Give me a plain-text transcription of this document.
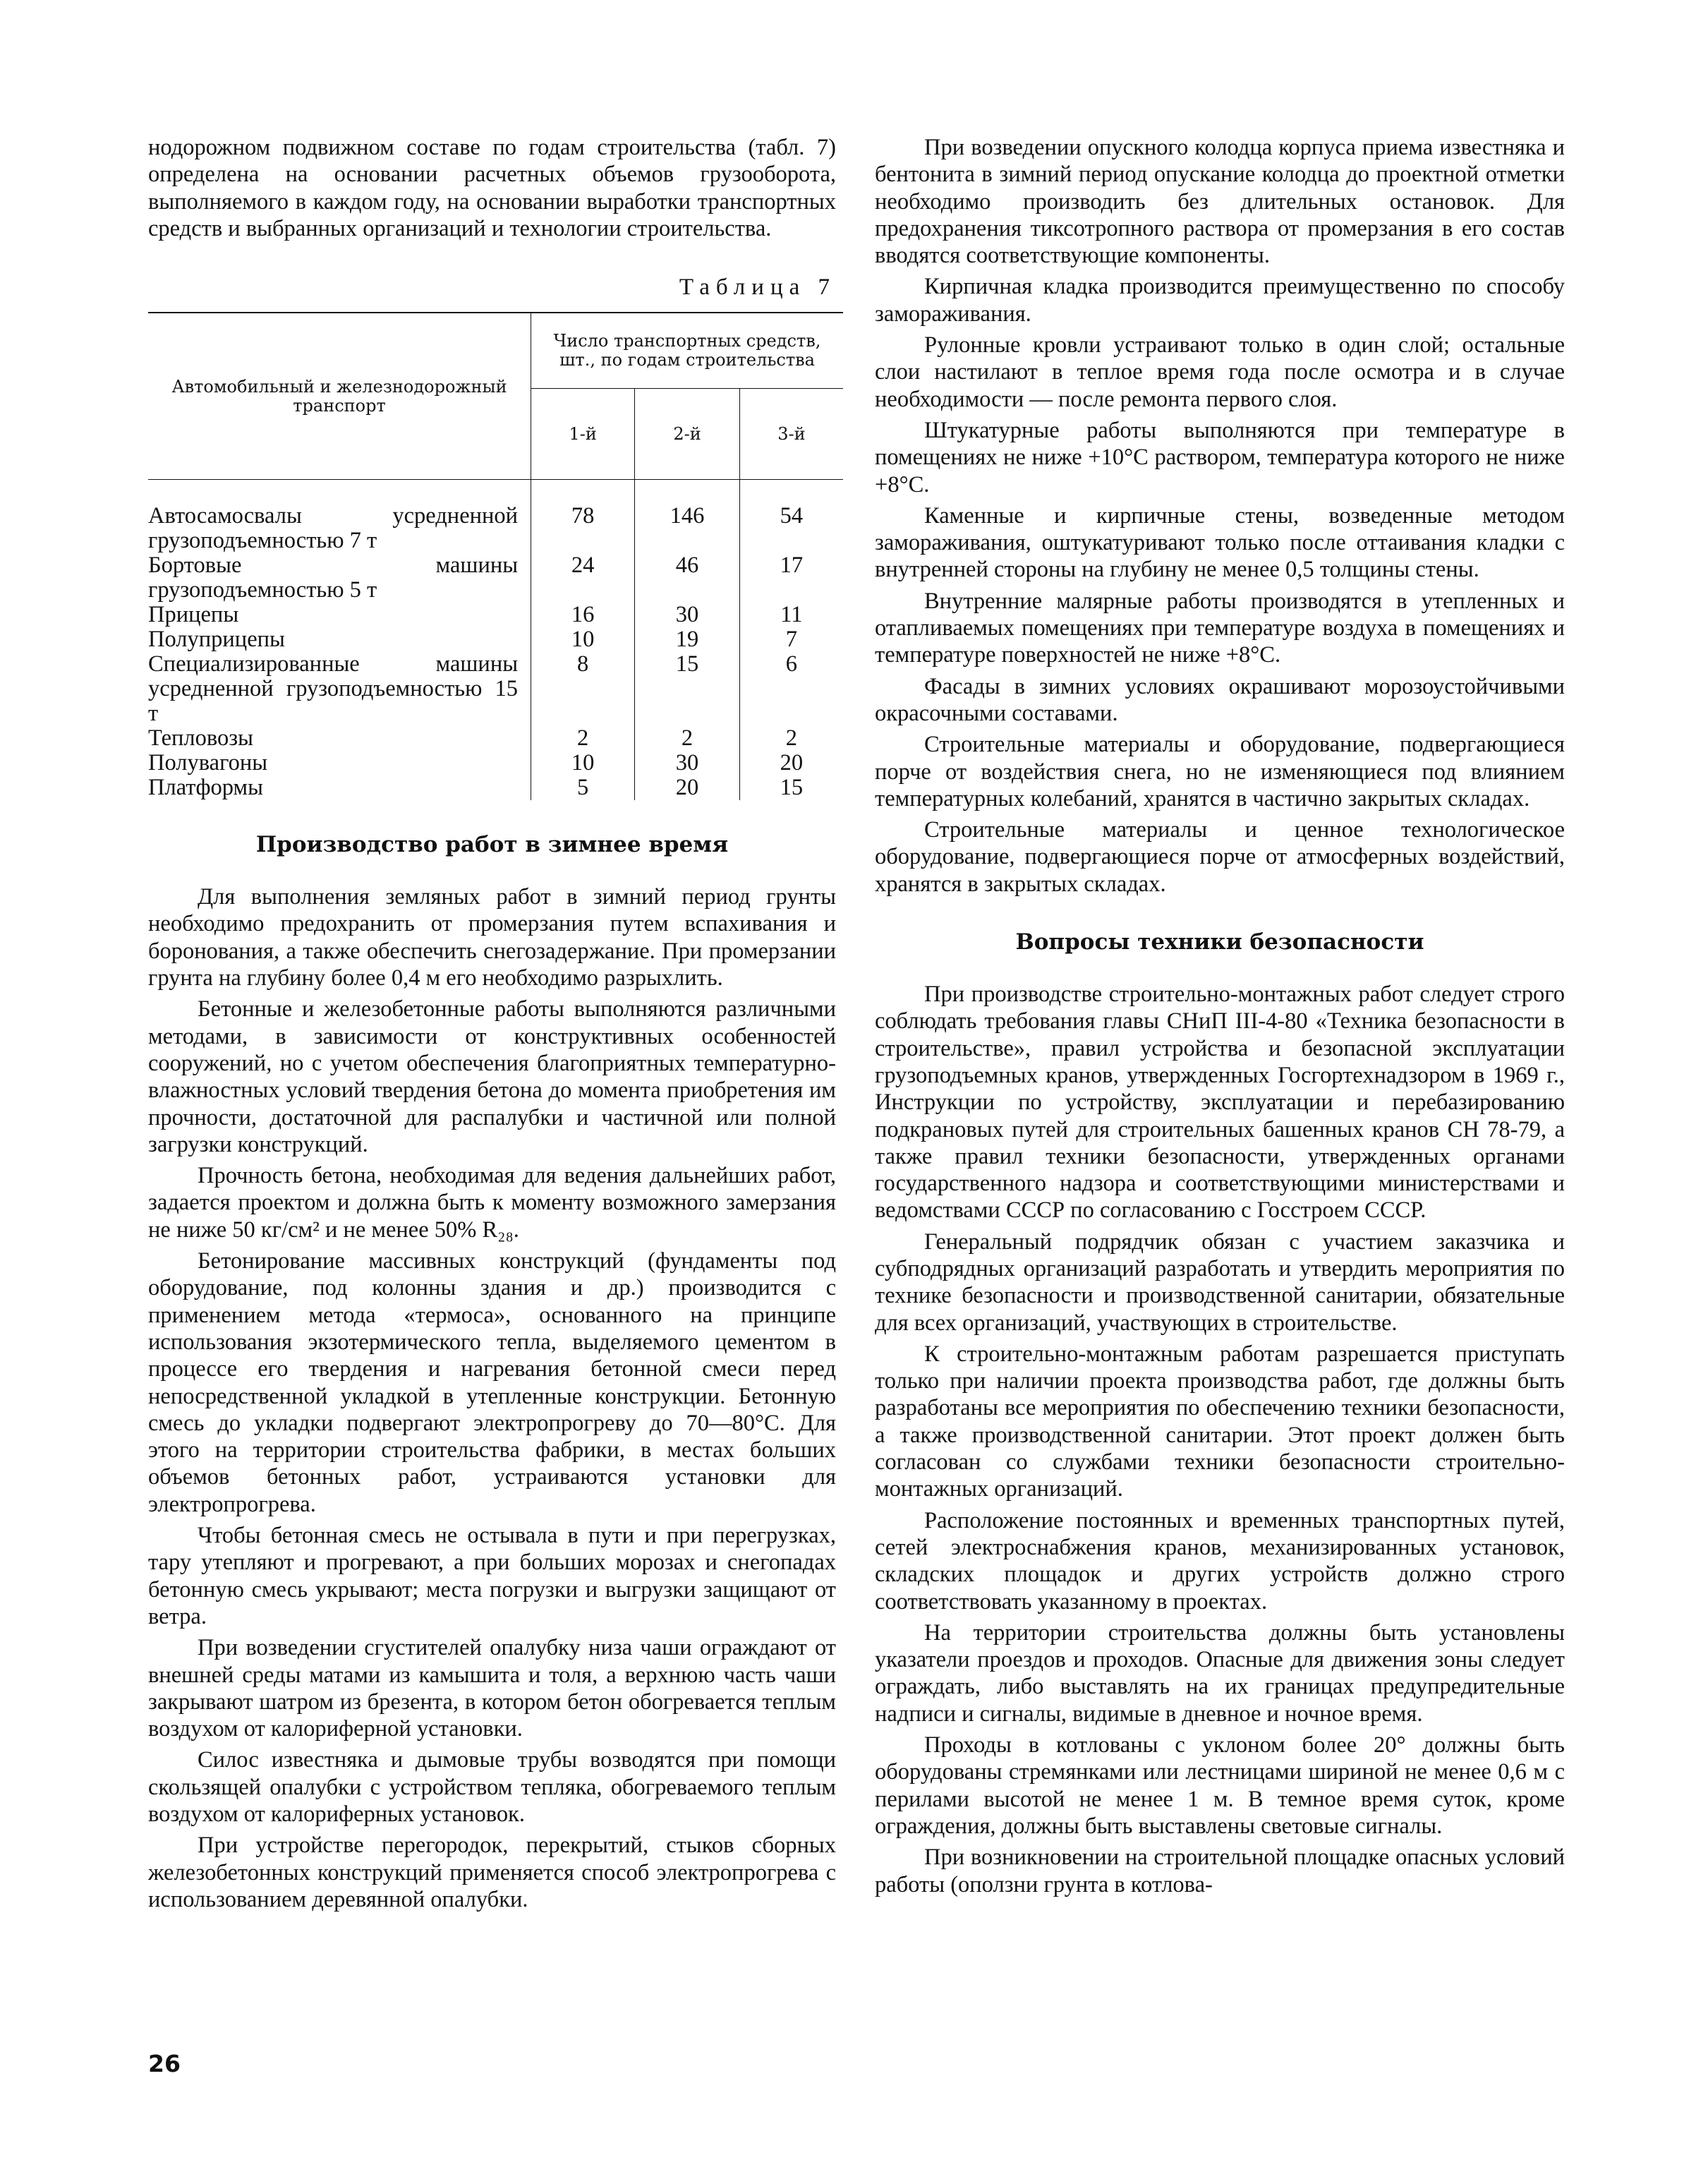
нодорожном подвижном составе по годам строительства (табл. 7) определена на основании расчетных объемов грузооборота, выполняемого в каждом году, на основании выработки транспортных средств и выбранных организаций и технологии строительства.

Таблица 7
Автомобильный и железнодорожный транспорт	Число транспортных средств, шт., по годам строительства		
	1-й	2-й	3-й
Автосамосвалы усредненной грузоподъемностью 7 т	78	146	54
Бортовые машины грузоподъемностью 5 т	24	46	17
Прицепы	16	30	11
Полуприцепы	10	19	7
Специализированные машины усредненной грузоподъемностью 15 т	8	15	6
Тепловозы	2	2	2
Полувагоны	10	30	20
Платформы	5	20	15
Производство работ в зимнее время

Для выполнения земляных работ в зимний период грунты необходимо предохранить от промерзания путем вспахивания и боронования, а также обеспечить снегозадержание. При промерзании грунта на глубину более 0,4 м его необходимо разрыхлить.

Бетонные и железобетонные работы выполняются различными методами, в зависимости от конструктивных особенностей сооружений, но с учетом обеспечения благоприятных температурно-влажностных условий твердения бетона до момента приобретения им прочности, достаточной для распалубки и частичной или полной загрузки конструкций.

Прочность бетона, необходимая для ведения дальнейших работ, задается проектом и должна быть к моменту возможного замерзания не ниже 50 кг/см² и не менее 50% R₂₈.

Бетонирование массивных конструкций (фундаменты под оборудование, под колонны здания и др.) производится с применением метода «термоса», основанного на принципе использования экзотермического тепла, выделяемого цементом в процессе его твердения и нагревания бетонной смеси перед непосредственной укладкой в утепленные конструкции. Бетонную смесь до укладки подвергают электропрогреву до 70—80°С. Для этого на территории строительства фабрики, в местах больших объемов бетонных работ, устраиваются установки для электропрогрева.

Чтобы бетонная смесь не остывала в пути и при перегрузках, тару утепляют и прогревают, а при больших морозах и снегопадах бетонную смесь укрывают; места погрузки и выгрузки защищают от ветра.

При возведении сгустителей опалубку низа чаши ограждают от внешней среды матами из камышита и толя, а верхнюю часть чаши закрывают шатром из брезента, в котором бетон обогревается теплым воздухом от калориферной установки.

Силос известняка и дымовые трубы возводятся при помощи скользящей опалубки с устройством тепляка, обогреваемого теплым воздухом от калориферных установок.

При устройстве перегородок, перекрытий, стыков сборных железобетонных конструкций применяется способ электропрогрева с использованием деревянной опалубки.

При возведении опускного колодца корпуса приема известняка и бентонита в зимний период опускание колодца до проектной отметки необходимо производить без длительных остановок. Для предохранения тиксотропного раствора от промерзания в его состав вводятся соответствующие компоненты.

Кирпичная кладка производится преимущественно по способу замораживания.

Рулонные кровли устраивают только в один слой; остальные слои настилают в теплое время года после осмотра и в случае необходимости — после ремонта первого слоя.

Штукатурные работы выполняются при температуре в помещениях не ниже +10°С раствором, температура которого не ниже +8°С.

Каменные и кирпичные стены, возведенные методом замораживания, оштукатуривают только после оттаивания кладки с внутренней стороны на глубину не менее 0,5 толщины стены.

Внутренние малярные работы производятся в утепленных и отапливаемых помещениях при температуре воздуха в помещениях и температуре поверхностей не ниже +8°С.

Фасады в зимних условиях окрашивают морозоустойчивыми окрасочными составами.

Строительные материалы и оборудование, подвергающиеся порче от воздействия снега, но не изменяющиеся под влиянием температурных колебаний, хранятся в частично закрытых складах.

Строительные материалы и ценное технологическое оборудование, подвергающиеся порче от атмосферных воздействий, хранятся в закрытых складах.

Вопросы техники безопасности

При производстве строительно-монтажных работ следует строго соблюдать требования главы СНиП III-4-80 «Техника безопасности в строительстве», правил устройства и безопасной эксплуатации грузоподъемных кранов, утвержденных Госгортехнадзором в 1969 г., Инструкции по устройству, эксплуатации и перебазированию подкрановых путей для строительных башенных кранов СН 78-79, а также правил техники безопасности, утвержденных органами государственного надзора и соответствующими министерствами и ведомствами СССР по согласованию с Госстроем СССР.

Генеральный подрядчик обязан с участием заказчика и субподрядных организаций разработать и утвердить мероприятия по технике безопасности и производственной санитарии, обязательные для всех организаций, участвующих в строительстве.

К строительно-монтажным работам разрешается приступать только при наличии проекта производства работ, где должны быть разработаны все мероприятия по обеспечению техники безопасности, а также производственной санитарии. Этот проект должен быть согласован со службами техники безопасности строительно-монтажных организаций.

Расположение постоянных и временных транспортных путей, сетей электроснабжения кранов, механизированных установок, складских площадок и других устройств должно строго соответствовать указанному в проектах.

На территории строительства должны быть установлены указатели проездов и проходов. Опасные для движения зоны следует ограждать, либо выставлять на их границах предупредительные надписи и сигналы, видимые в дневное и ночное время.

Проходы в котлованы с уклоном более 20° должны быть оборудованы стремянками или лестницами шириной не менее 0,6 м с перилами высотой не менее 1 м. В темное время суток, кроме ограждения, должны быть выставлены световые сигналы.

При возникновении на строительной площадке опасных условий работы (оползни грунта в котлова-

26
